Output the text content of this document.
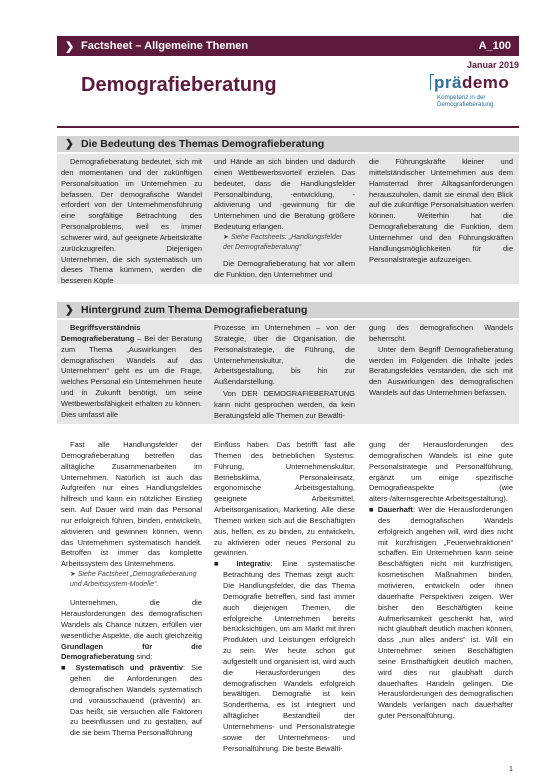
❯ Factsheet – Allgemeine Themen	A_100
Januar 2019
Demografieberatung	prädemo
Kompetenz in der
Demografieberatung
❯ Die Bedeutung des Themas Demografieberatung

Demografieberatung bedeutet, sich mit den momentanen und der zukünftigen Personalsituation im Unternehmen zu befassen. Der demografische Wandel erfordert von der Unternehmensführung eine sorgfältige Betrachtung des Personalproblems, weil es immer schwerer wird, auf geeignete Arbeitskräfte zurückzugreifen. Diejenigen Unternehmen, die sich systematisch um dieses Thema kümmern, werden die besseren Köpfe

und Hände an sich binden und dadurch einen Wettbewerbsvorteil erzielen. Das bedeutet, dass die Handlungsfelder Personalbindung, -entwicklung, -aktivierung und -gewinnung für die Unternehmen und die Beratung größere Bedeutung erlangen.

➤ Siehe Factsheets: „Handlungsfelder
der Demografieberatung“

Die Demografieberatung hat vor allem die Funktion, den Unternehmer und

die Führungskräfte kleiner und mittelständischer Unternehmen aus dem Hamsterrad ihrer Alltagsanforderungen herauszuholen, damit sie einmal den Blick auf die zukünftige Personalsituation werfen können. Weiterhin hat die Demografieberatung die Funktion, dem Unternehmer und den Führungskräften Handlungsmöglichkeiten für die Personalstrategie aufzuzeigen.

❯ Hintergrund zum Thema Demografieberatung

Begriffsverständnis Demografieberatung – Bei der Beratung zum Thema „Auswirkungen des demografischen Wandels auf das Unternehmen“ geht es um die Frage, welches Personal ein Unternehmen heute und in Zukunft benötigt, um seine Wettbewerbsfähigkeit erhalten zu können. Dies umfasst alle

Prozesse im Unternehmen – von der Strategie, über die Organisation, die Personalstrategie, die Führung, die Unternehmenskultur, die Arbeitsgestaltung, bis hin zur Außendarstellung.

Von DER DEMOGRAFIEBERATUNG kann nicht gesprochen werden, da kein Beratungsfeld alle Themen zur Bewälti-

gung des demografischen Wandels beherrscht.

Unter dem Begriff Demografieberatung werden im Folgenden die Inhalte jedes Beratungsfeldes verstanden, die sich mit den Auswirkungen des demografischen Wandels auf das Unternehmen befassen.

Fast alle Handlungsfelder der Demografieberatung betreffen das alltägliche Zusammenarbeiten im Unternehmen. Natürlich ist auch das Aufgreifen nur eines Handlungsfeldes hilfreich und kann ein nützlicher Einstieg sein. Auf Dauer wird man das Personal nur erfolgreich führen, binden, entwickeln, aktivieren und gewinnen können, wenn das Unternehmen systematisch handelt. Betroffen ist immer das komplette Arbeitssystem des Unternehmens.

➤ Siehe Factsheet „Demografieberatung
und Arbeitssystem-Modelle“.

Unternehmen, die die Herausforderungen des demografischen Wandels als Chance nutzen, erfüllen vier wesentliche Aspekte, die auch gleichzeitig Grundlagen für die Demografieberatung sind:

■ Systematisch und präventiv: Sie gehen die Anforderungen des demografischen Wandels systematisch und vorausschauend (präventiv) an. Das heißt, sie versuchen alle Faktoren zu beeinflussen und zu gestalten, auf die sie beim Thema Personalführung

Einfluss haben. Das betrifft fast alle Themen des betrieblichen Systems: Führung, Unternehmenskultur, Betriebsklima, Personaleinsatz, ergonomische Arbeitsgestaltung, geeignete Arbeitsmittel, Arbeitsorganisation, Marketing. Alle diese Themen wirken sich auf die Beschäftigten aus, helfen, es zu binden, zu entwickeln, zu aktivieren oder neues Personal zu gewinnen.

■ Integrativ: Eine systematische Betrachtung des Themas zeigt auch: Die Handlungsfelder, die das Thema Demografie betreffen, sind fast immer auch diejenigen Themen, die erfolgreiche Unternehmen bereits berücksichtigen, um am Markt mit ihren Produkten und Leistungen erfolgreich zu sein. Wer heute schon gut aufgestellt und organisiert ist, wird auch die Herausforderungen des demografischen Wandels erfolgreich bewältigen. Demografie ist kein Sonderthema, es ist integriert und alltäglicher Bestandteil der Unternehmens- und Personalstrategie sowie der Unternehmens- und Personalführung. Die beste Bewälti-

gung der Herausforderungen des demografischen Wandels ist eine gute Personalstrategie und Personalführung, ergänzt um einige spezifische Demografieaspekte (wie alters-/alternsgerechte Arbeitsgestaltung).

■ Dauerhaft: Wer die Herausforderungen des demografischen Wandels erfolgreich angehen will, wird dies nicht mit kurzfristigen „Feuerwehraktionen“ schaffen. Ein Unternehmen kann seine Beschäftigten nicht mit kurzfristigen, kosmetischen Maßnahmen binden, motivieren, entwickeln oder ihnen dauerhafte Perspektiven zeigen. Wer bisher den Beschäftigten keine Aufmerksamkeit geschenkt hat, wird nicht glaubhaft deutlich machen können, dass „nun alles anders“ ist. Will ein Unternehmer seinen Beschäftigten seine Ernsthaftigkeit deutlich machen, wird dies nur glaubhaft durch dauerhaftes Handeln gelingen. Die Herausforderungen des demografischen Wandels verlangen nach dauerhafter guter Personalführung.

1
